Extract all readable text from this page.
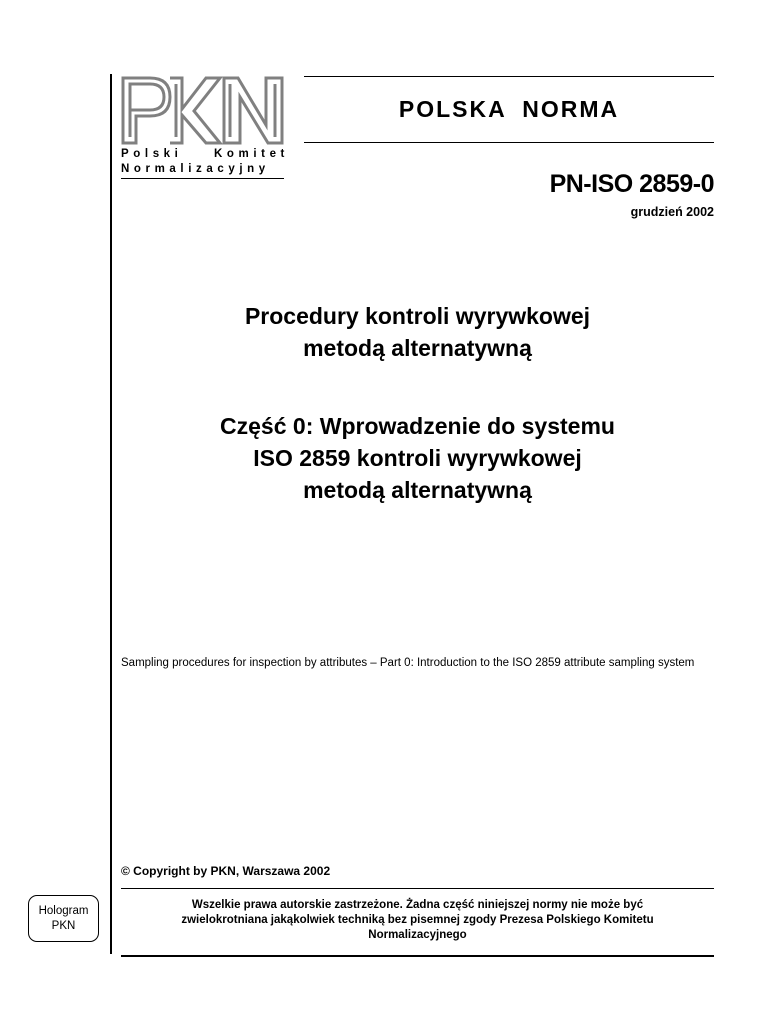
Polski	Komitet
Normalizacyjny
POLSKA NORMA
PN-ISO 2859-0
grudzień 2002
Procedury kontroli wyrywkowej
metodą alternatywną
Część 0: Wprowadzenie do systemu
ISO 2859 kontroli wyrywkowej
metodą alternatywną
Sampling procedures for inspection by attributes – Part 0: Introduction to the ISO 2859 attribute sampling system
© Copyright by PKN, Warszawa 2002
Wszelkie prawa autorskie zastrzeżone. Żadna część niniejszej normy nie może być
zwielokrotniana jakąkolwiek techniką bez pisemnej zgody Prezesa Polskiego Komitetu
Normalizacyjnego
Hologram
PKN
